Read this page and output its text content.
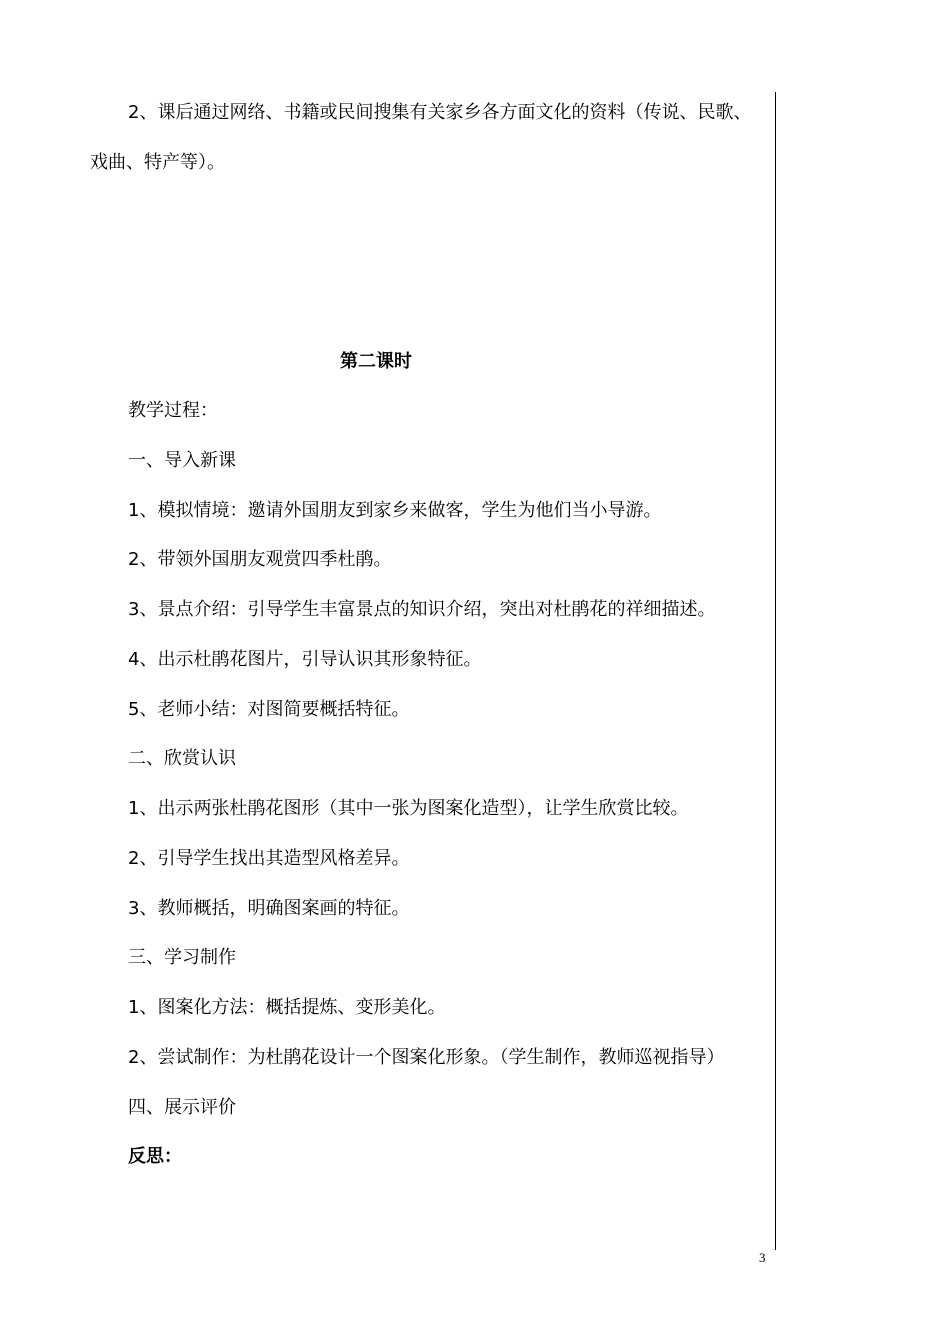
2、课后通过网络、书籍或民间搜集有关家乡各方面文化的资料（传说、民歌、
戏曲、特产等）。
第二课时
教学过程：
一、导入新课
1、模拟情境：邀请外国朋友到家乡来做客，学生为他们当小导游。
2、带领外国朋友观赏四季杜鹃。
3、景点介绍：引导学生丰富景点的知识介绍，突出对杜鹃花的祥细描述。
4、出示杜鹃花图片，引导认识其形象特征。
5、老师小结：对图简要概括特征。
二、欣赏认识
1、出示两张杜鹃花图形（其中一张为图案化造型），让学生欣赏比较。
2、引导学生找出其造型风格差异。
3、教师概括，明确图案画的特征。
三、学习制作
1、图案化方法：概括提炼、变形美化。
2、尝试制作：为杜鹃花设计一个图案化形象。（学生制作，教师巡视指导）
四、展示评价
反思：
3
